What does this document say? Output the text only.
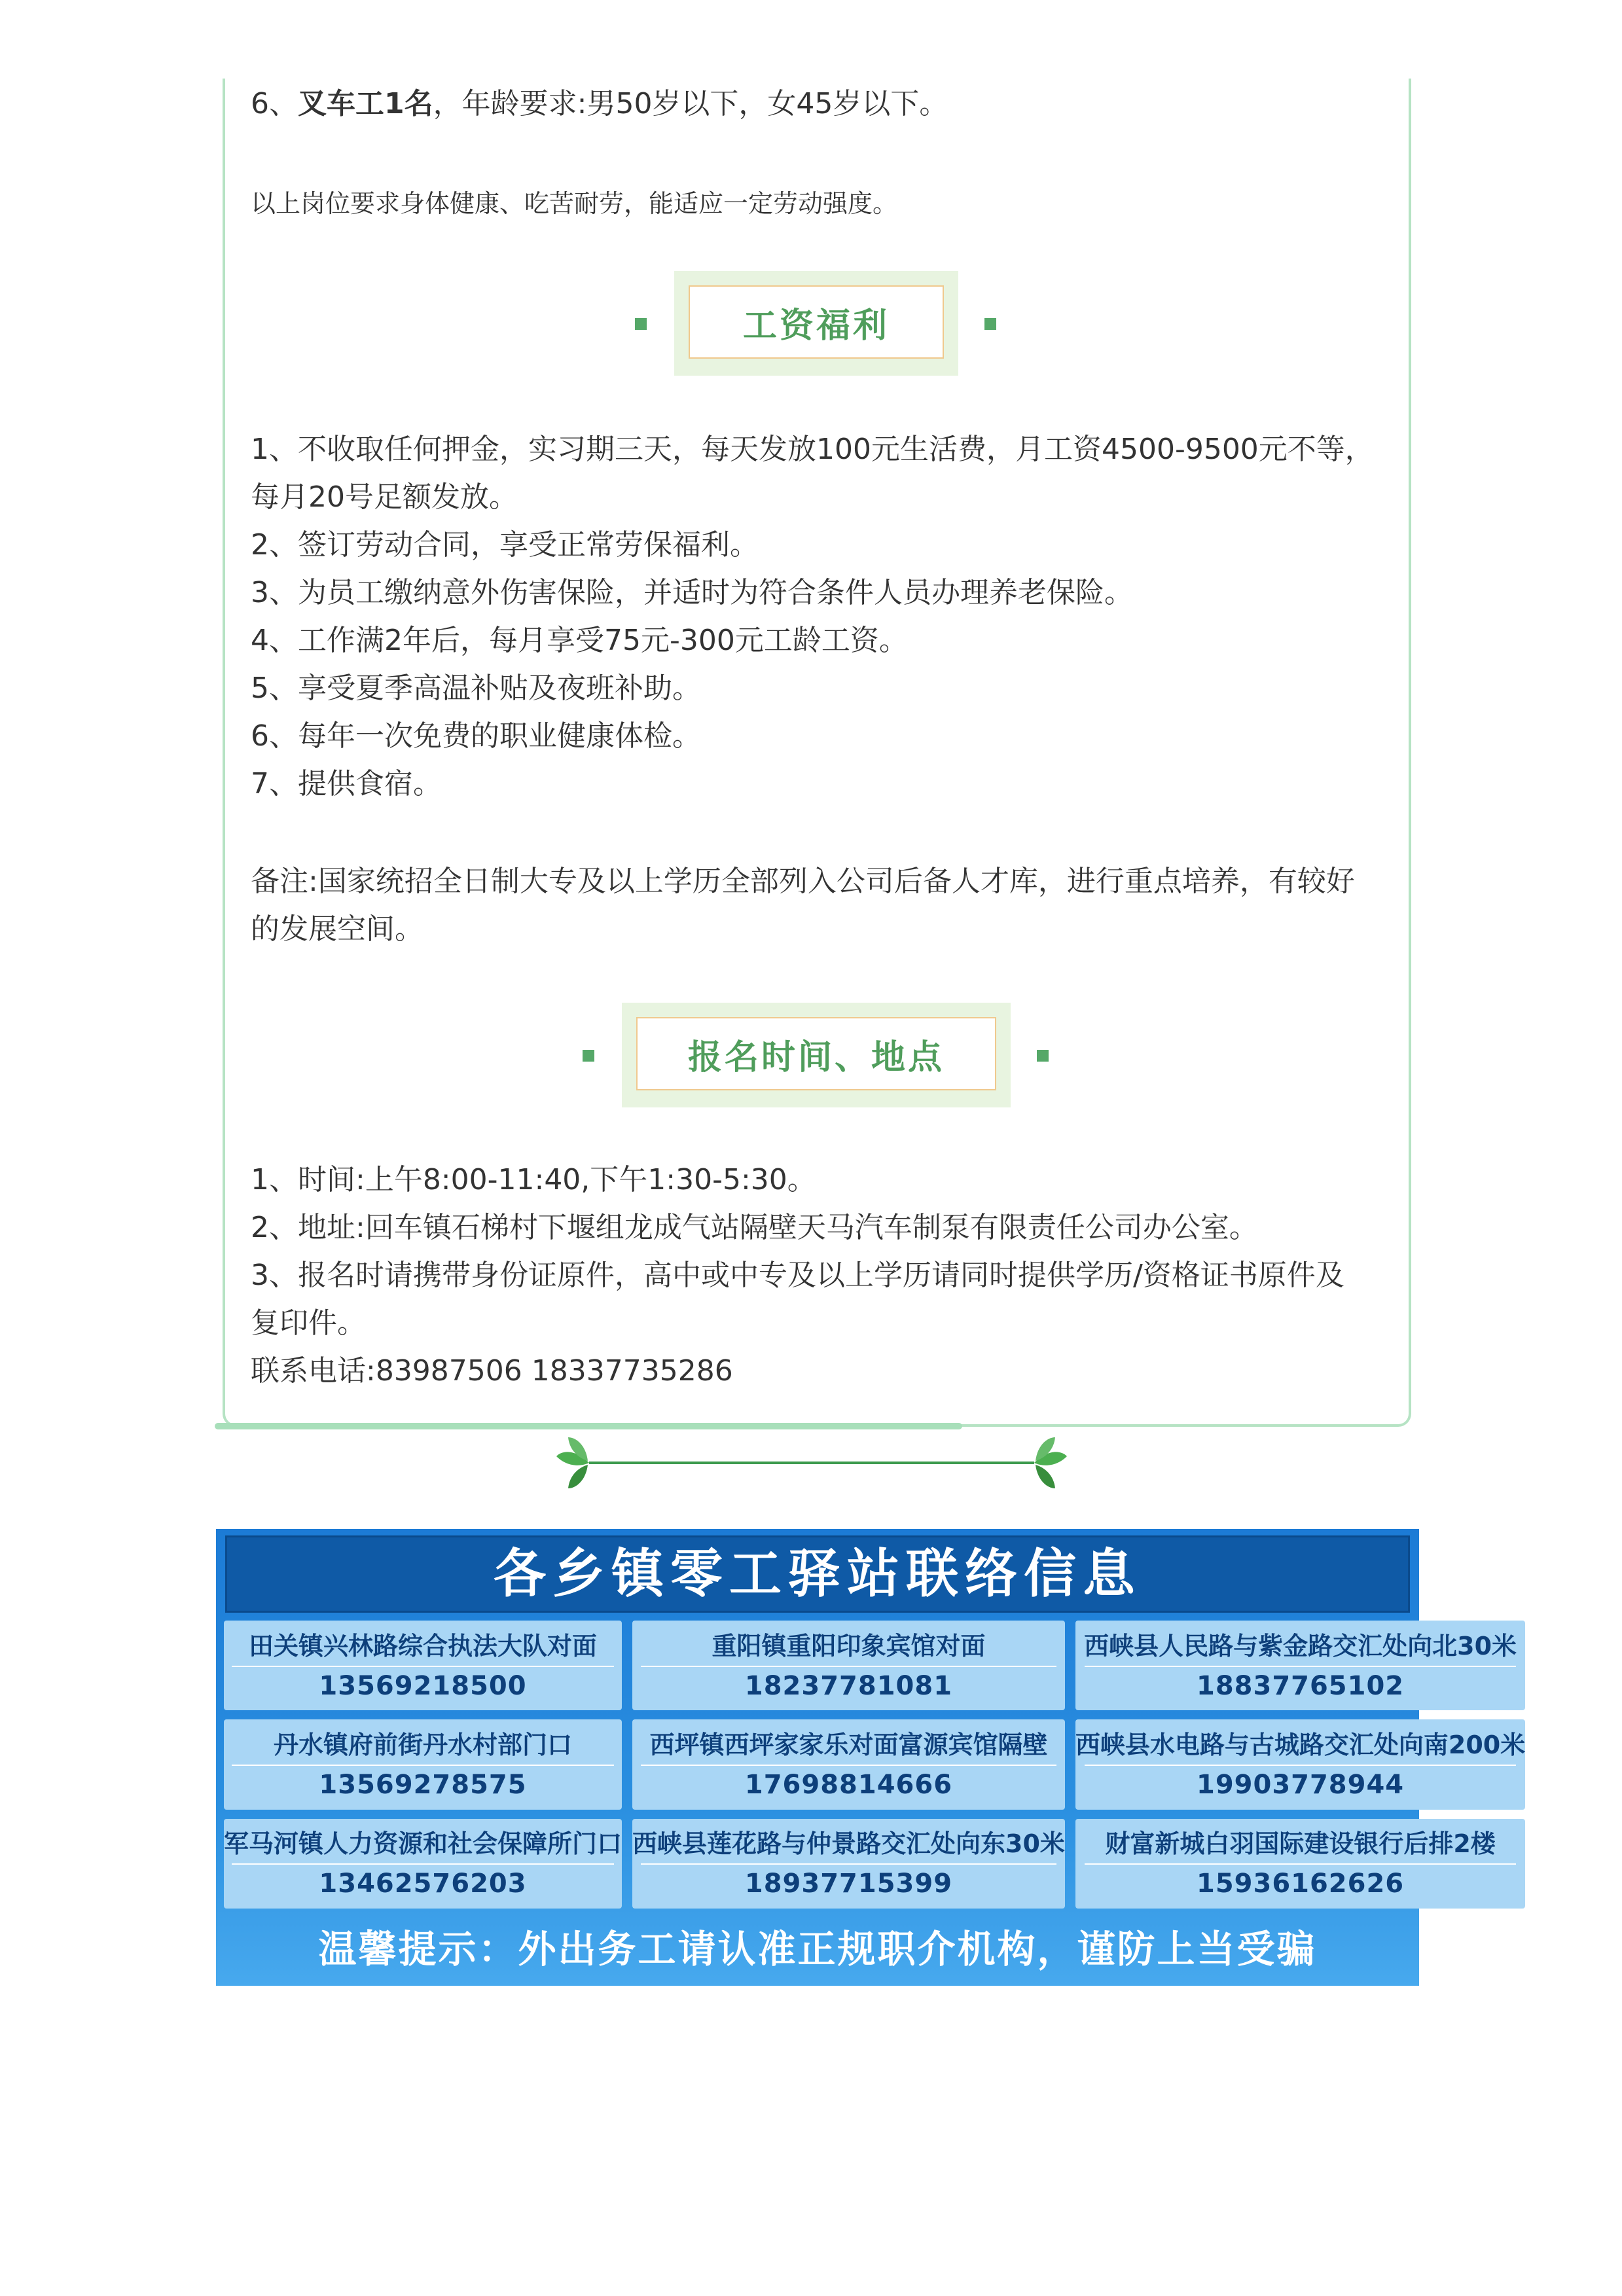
6、叉车工1名，年龄要求:男50岁以下，女45岁以下。
以上岗位要求身体健康、吃苦耐劳，能适应一定劳动强度。
工资福利
1、不收取任何押金，实习期三天，每天发放100元生活费，月工资4500-9500元不等，
每月20号足额发放。
2、签订劳动合同，享受正常劳保福利。
3、为员工缴纳意外伤害保险，并适时为符合条件人员办理养老保险。
4、工作满2年后，每月享受75元-300元工龄工资。
5、享受夏季高温补贴及夜班补助。
6、每年一次免费的职业健康体检。
7、提供食宿。
备注:国家统招全日制大专及以上学历全部列入公司后备人才库，进行重点培养，有较好
的发展空间。
报名时间、地点
1、时间:上午8:00-11:40,下午1:30-5:30。
2、地址:回车镇石梯村下堰组龙成气站隔壁天马汽车制泵有限责任公司办公室。
3、报名时请携带身份证原件，高中或中专及以上学历请同时提供学历/资格证书原件及
复印件。
联系电话:83987506 18337735286
各乡镇零工驿站联络信息
田关镇兴林路综合执法大队对面
13569218500
重阳镇重阳印象宾馆对面
18237781081
西峡县人民路与紫金路交汇处向北30米
18837765102
丹水镇府前街丹水村部门口
13569278575
西坪镇西坪家家乐对面富源宾馆隔壁
17698814666
西峡县水电路与古城路交汇处向南200米
19903778944
军马河镇人力资源和社会保障所门口
13462576203
西峡县莲花路与仲景路交汇处向东30米
18937715399
财富新城白羽国际建设银行后排2楼
15936162626
温馨提示：外出务工请认准正规职介机构，谨防上当受骗
